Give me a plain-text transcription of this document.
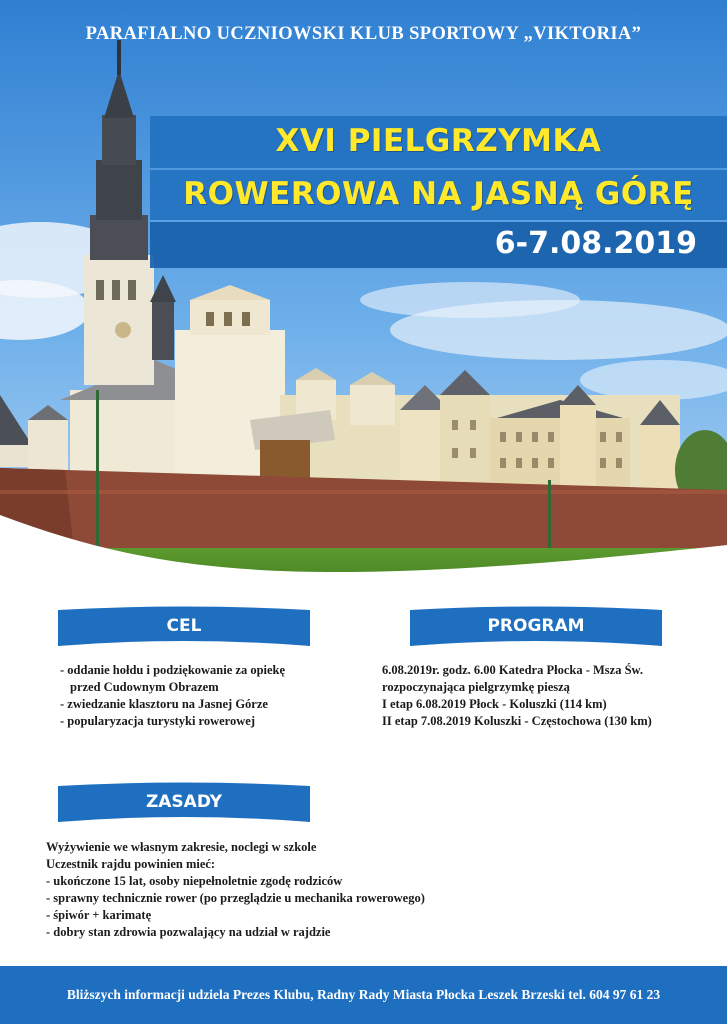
PARAFIALNO UCZNIOWSKI KLUB SPORTOWY „VIKTORIA”
XVI PIELGRZYMKA
ROWEROWA NA JASNĄ GÓRĘ
6-7.08.2019
CEL
- oddanie hołdu i podziękowanie za opiekę
przed Cudownym Obrazem
- zwiedzanie klasztoru na Jasnej Górze
- popularyzacja turystyki rowerowej
PROGRAM
6.08.2019r. godz. 6.00 Katedra Płocka - Msza Św.
rozpoczynająca pielgrzymkę pieszą
I etap 6.08.2019 Płock - Koluszki (114 km)
II etap 7.08.2019 Koluszki - Częstochowa (130 km)
ZASADY
Wyżywienie we własnym zakresie, noclegi w szkole
Uczestnik rajdu powinien mieć:
- ukończone 15 lat, osoby niepełnoletnie zgodę rodziców
- sprawny technicznie rower (po przeglądzie u mechanika rowerowego)
- śpiwór + karimatę
- dobry stan zdrowia pozwalający na udział w rajdzie
Bliższych informacji udziela Prezes Klubu, Radny Rady Miasta Płocka Leszek Brzeski tel. 604 97 61 23
